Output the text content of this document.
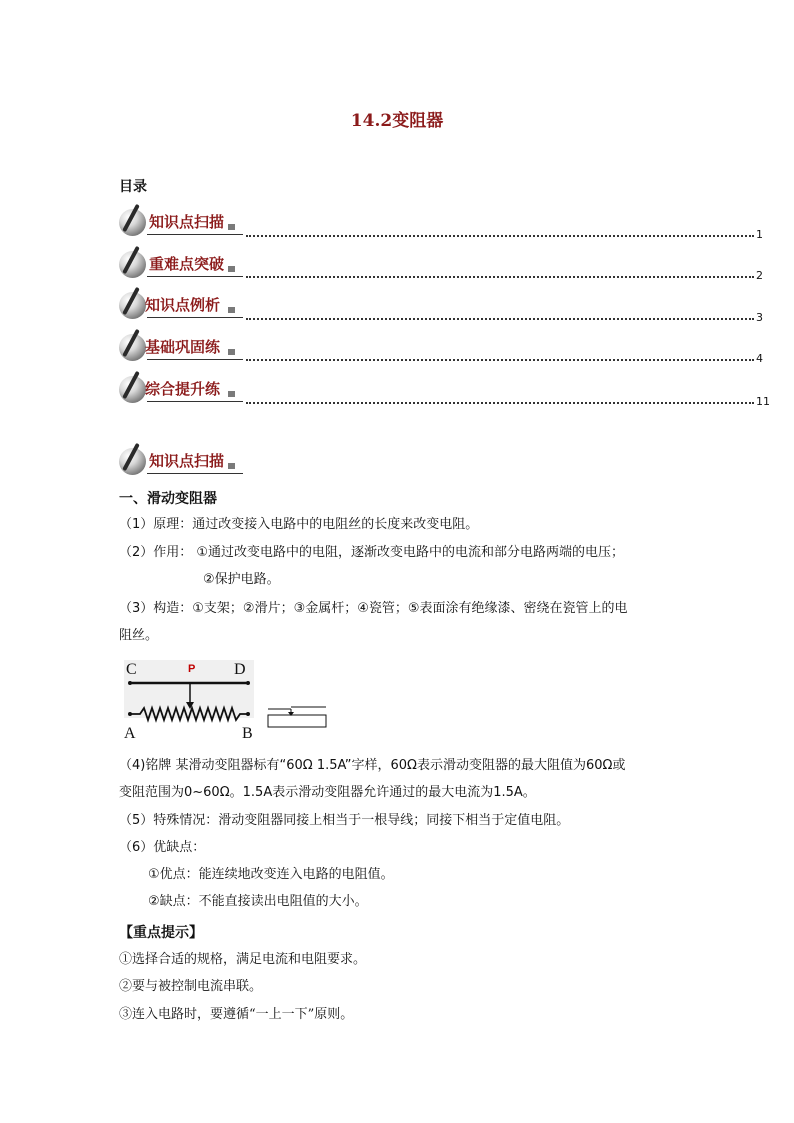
14.2变阻器
目录
知识点扫描
1
重难点突破
2
知识点例析
3
基础巩固练
4
综合提升练
11
知识点扫描
一、滑动变阻器
（1）原理：通过改变接入电路中的电阻丝的长度来改变电阻。
（2）作用： ①通过改变电路中的电阻，逐渐改变电路中的电流和部分电路两端的电压；
②保护电路。
（3）构造：①支架；②滑片；③金属杆；④瓷管；⑤表面涂有绝缘漆、密绕在瓷管上的电
阻丝。
C	P D
A	B
（4)铭牌 某滑动变阻器标有“60Ω 1.5A”字样，60Ω表示滑动变阻器的最大阻值为60Ω或
变阻范围为0~60Ω。1.5A表示滑动变阻器允许通过的最大电流为1.5A。
（5）特殊情况：滑动变阻器同接上相当于一根导线；同接下相当于定值电阻。
（6）优缺点：
①优点：能连续地改变连入电路的电阻值。
②缺点：不能直接读出电阻值的大小。
【重点提示】
①选择合适的规格，满足电流和电阻要求。
②要与被控制电流串联。
③连入电路时，要遵循“一上一下”原则。
